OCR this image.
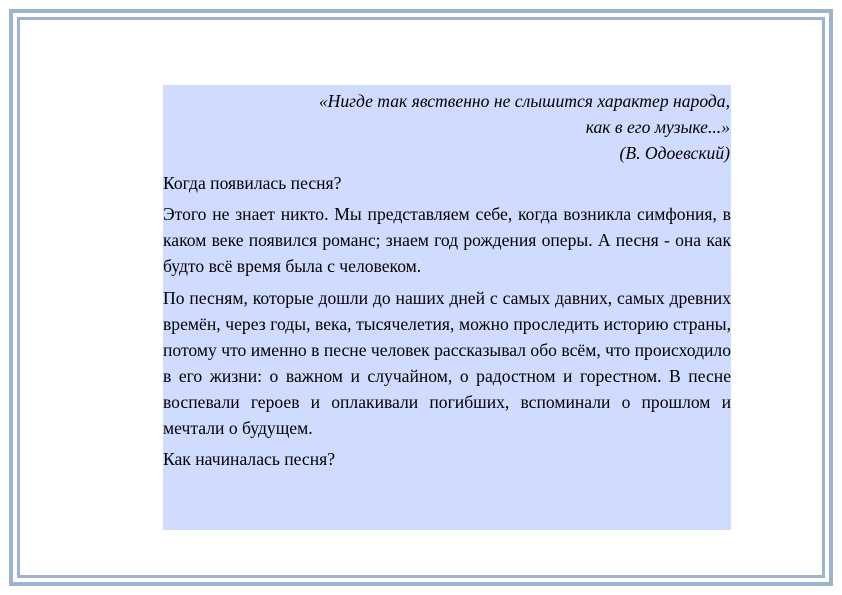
«Нигде так явственно не слышится характер народа,
как в его музыке...»
(В. Одоевский)

Когда появилась песня?

Этого не знает никто. Мы представляем себе, когда возникла симфония, в каком веке появился романс; знаем год рождения оперы. А песня - она как будто всё время была с человеком.

По песням, которые дошли до наших дней с самых давних, самых древних времён, через годы, века, тысячелетия, можно проследить историю страны, потому что именно в песне человек рассказывал обо всём, что происходило в его жизни: о важном и случайном, о радостном и горестном. В песне воспевали героев и оплакивали погибших, вспоминали о прошлом и мечтали о будущем.

Как начиналась песня?
